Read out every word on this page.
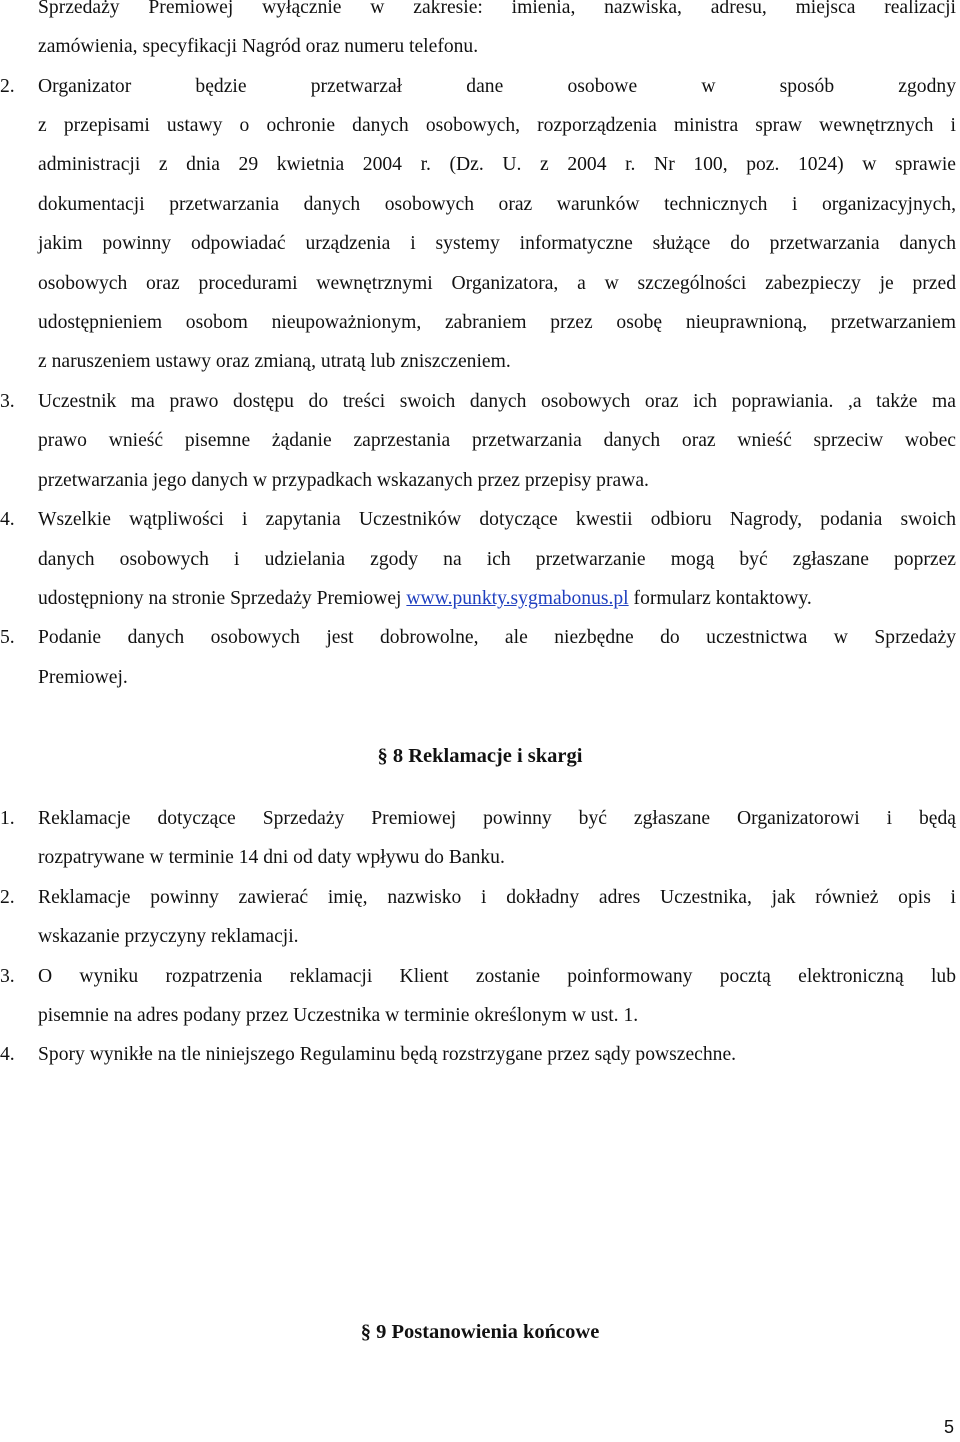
Sprzedaży Premiowej wyłącznie w zakresie: imienia, nazwiska, adresu, miejsca realizacji
zamówienia, specyfikacji Nagród oraz numeru telefonu.
2. Organizator będzie przetwarzał dane osobowe w sposób zgodny
z przepisami ustawy o ochronie danych osobowych, rozporządzenia ministra spraw wewnętrznych i
administracji z dnia 29 kwietnia 2004 r. (Dz. U. z 2004 r. Nr 100, poz. 1024) w sprawie
dokumentacji przetwarzania danych osobowych oraz warunków technicznych i organizacyjnych,
jakim powinny odpowiadać urządzenia i systemy informatyczne służące do przetwarzania danych
osobowych oraz procedurami wewnętrznymi Organizatora, a w szczególności zabezpieczy je przed
udostępnieniem osobom nieupoważnionym, zabraniem przez osobę nieuprawnioną, przetwarzaniem
z naruszeniem ustawy oraz zmianą, utratą lub zniszczeniem.
3. Uczestnik ma prawo dostępu do treści swoich danych osobowych oraz ich poprawiania. ,a także ma
prawo wnieść pisemne żądanie zaprzestania przetwarzania danych oraz wnieść sprzeciw wobec
przetwarzania jego danych w przypadkach wskazanych przez przepisy prawa.
4. Wszelkie wątpliwości i zapytania Uczestników dotyczące kwestii odbioru Nagrody, podania swoich
danych osobowych i udzielania zgody na ich przetwarzanie mogą być zgłaszane poprzez
udostępniony na stronie Sprzedaży Premiowej www.punkty.sygmabonus.pl formularz kontaktowy.
5. Podanie danych osobowych jest dobrowolne, ale niezbędne do uczestnictwa w Sprzedaży
Premiowej.
§ 8 Reklamacje i skargi
1. Reklamacje dotyczące Sprzedaży Premiowej powinny być zgłaszane Organizatorowi i będą
rozpatrywane w terminie 14 dni od daty wpływu do Banku.
2. Reklamacje powinny zawierać imię, nazwisko i dokładny adres Uczestnika, jak również opis i
wskazanie przyczyny reklamacji.
3. O wyniku rozpatrzenia reklamacji Klient zostanie poinformowany pocztą elektroniczną lub
pisemnie na adres podany przez Uczestnika w terminie określonym w ust. 1.
4. Spory wynikłe na tle niniejszego Regulaminu będą rozstrzygane przez sądy powszechne.
§ 9 Postanowienia końcowe
5
